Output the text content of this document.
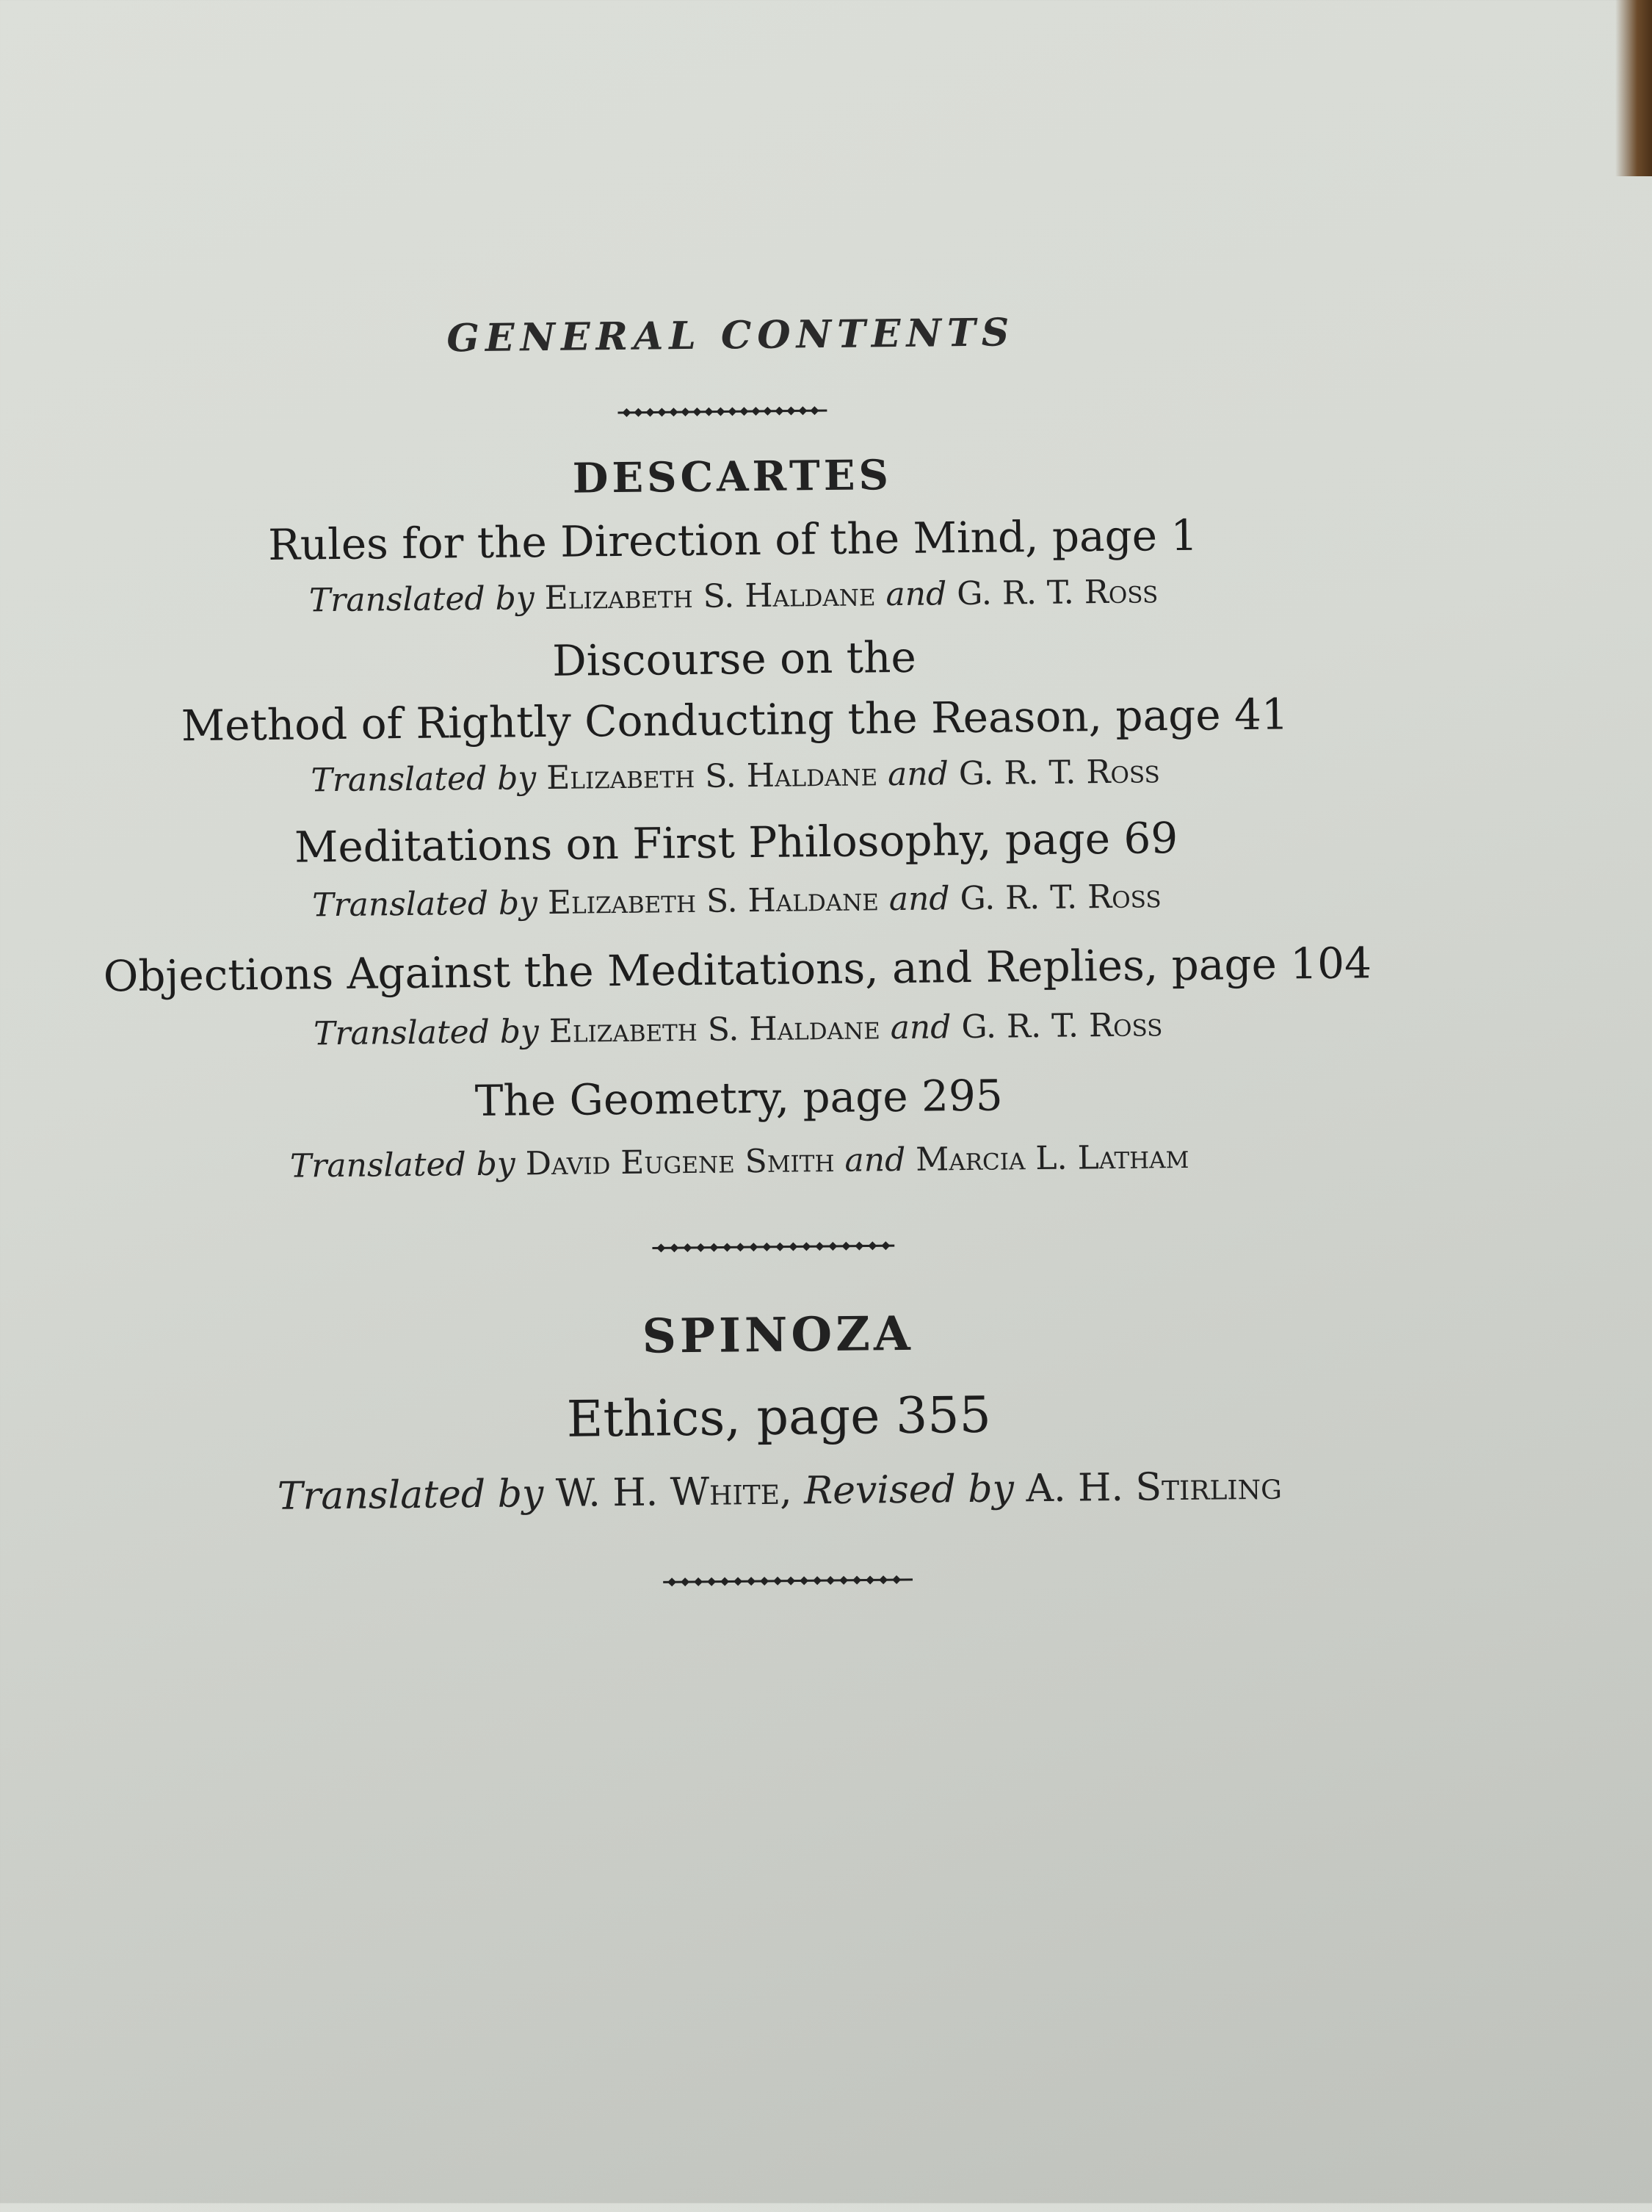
GENERAL CONTENTS
DESCARTES
Rules for the Direction of the Mind, page 1
Translated by Elizabeth S. Haldane and G. R. T. Ross
Discourse on the
Method of Rightly Conducting the Reason, page 41
Translated by Elizabeth S. Haldane and G. R. T. Ross
Meditations on First Philosophy, page 69
Translated by Elizabeth S. Haldane and G. R. T. Ross
Objections Against the Meditations, and Replies, page 104
Translated by Elizabeth S. Haldane and G. R. T. Ross
The Geometry, page 295
Translated by David Eugene Smith and Marcia L. Latham
SPINOZA
Ethics, page 355
Translated by W. H. White, Revised by A. H. Stirling
